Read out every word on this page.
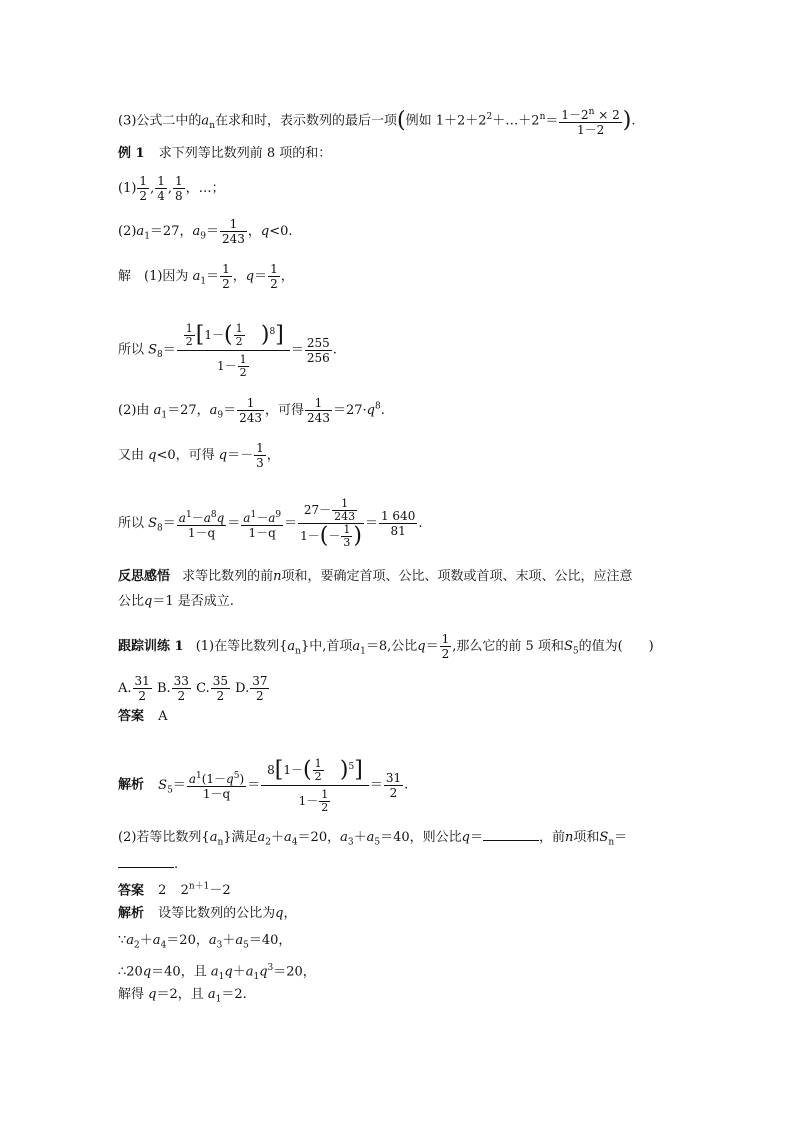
(3)公式二中的$a_n$在求和时，表示数列的最后一项(例如 $1+2+2^2+\dots+2^n= \frac{1-2^n \times 2}{1-2}$ ).
例 1 求下列等比数列前 8 项的和：
$(1) \frac{1}{2}$ , $\frac{1}{4}$ , $\frac{1}{8}$ ，…；
$(2)a_1=27$，$a_9= \frac{1}{243}$ ，q<0.
解　(1)因为 $a_1= \frac{1}{2}$ ，$q= \frac{1}{2}$ ，
所以 $S_8= \frac{\frac{1}{2} [1-( \frac{1}{2} )^8]}{1- \frac{1}{2}} = \frac{255}{256}$ .
(2)由 $a_1=27$，$a_9= \frac{1}{243}$ ，可得 $\frac{1}{243} =27\cdot q^8$.
又由 q<0，可得 $q=- \frac{1}{3}$ ，
所以 $S_8= \frac{a^1-a^8q}{1-q} = \frac{a^1-a^9}{1-q} = \frac{27- \frac{1}{243}}{1-(- \frac{1}{3} )} = \frac{1 640}{81}$ .
反思感悟 求等比数列的前n项和，要确定首项、公比、项数或首项、末项、公比，应注意
公比q＝1 是否成立.
跟踪训练 1 (1)在等比数列$\{a_n\}$中,首项$a_1=8$,公比$q= \frac{1}{2}$ ,那么它的前 5 项和$S_5$的值为(　　)
A. $\frac{31}{2} B$. $\frac{33}{2} C$. $\frac{35}{2} D$. $\frac{37}{2}$
答案 A
解析 $S_5= \frac{a^1(1-q^5)}{1-q} = \frac{8[1-( \frac{1}{2} )^5]}{1- \frac{1}{2}} = \frac{31}{2}$ .
(2)若等比数列$\{a_n\}$满足$a_2+a_4=20$，$a_3+a_5=40$，则公比q＝	，前n项和$S_n=$
.
答案 2 $2^{n+1}-2$
解析 设等比数列的公比为q，
$\because a_2+a_4=20$，$a_3+a_5=40$，
∴20q＝40，且 $a_1q+a_1q^3=20$，
解得 q＝2，且 $a_1=2$.
